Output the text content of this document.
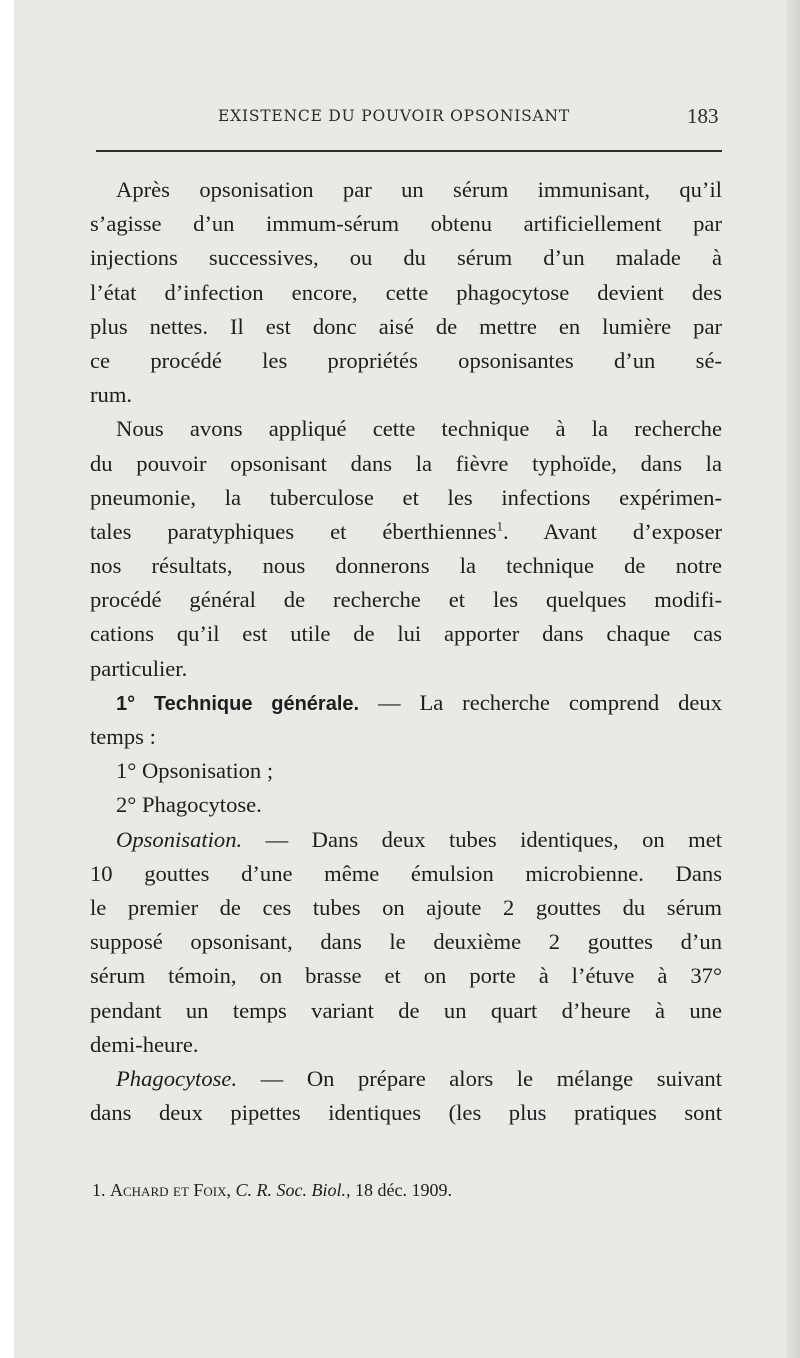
EXISTENCE DU POUVOIR OPSONISANT	183
Après opsonisation par un sérum immunisant, qu’il
s’agisse d’un immum-sérum obtenu artificiellement par
injections successives, ou du sérum d’un malade à
l’état d’infection encore, cette phagocytose devient des
plus nettes. Il est donc aisé de mettre en lumière par
ce procédé les propriétés opsonisantes d’un sé-
rum.
Nous avons appliqué cette technique à la recherche
du pouvoir opsonisant dans la fièvre typhoïde, dans la
pneumonie, la tuberculose et les infections expérimen-
tales paratyphiques et éberthiennes$^1$. Avant d’exposer
nos résultats, nous donnerons la technique de notre
procédé général de recherche et les quelques modifi-
cations qu’il est utile de lui apporter dans chaque cas
particulier.
1° Technique générale. — La recherche comprend deux
temps :
1° Opsonisation ;
2° Phagocytose.
Opsonisation. — Dans deux tubes identiques, on met
10 gouttes d’une même émulsion microbienne. Dans
le premier de ces tubes on ajoute 2 gouttes du sérum
supposé opsonisant, dans le deuxième 2 gouttes d’un
sérum témoin, on brasse et on porte à l’étuve à 37°
pendant un temps variant de un quart d’heure à une
demi-heure.
Phagocytose. — On prépare alors le mélange suivant
dans deux pipettes identiques (les plus pratiques sont
1. Achard et Foix, C. R. Soc. Biol., 18 déc. 1909.
